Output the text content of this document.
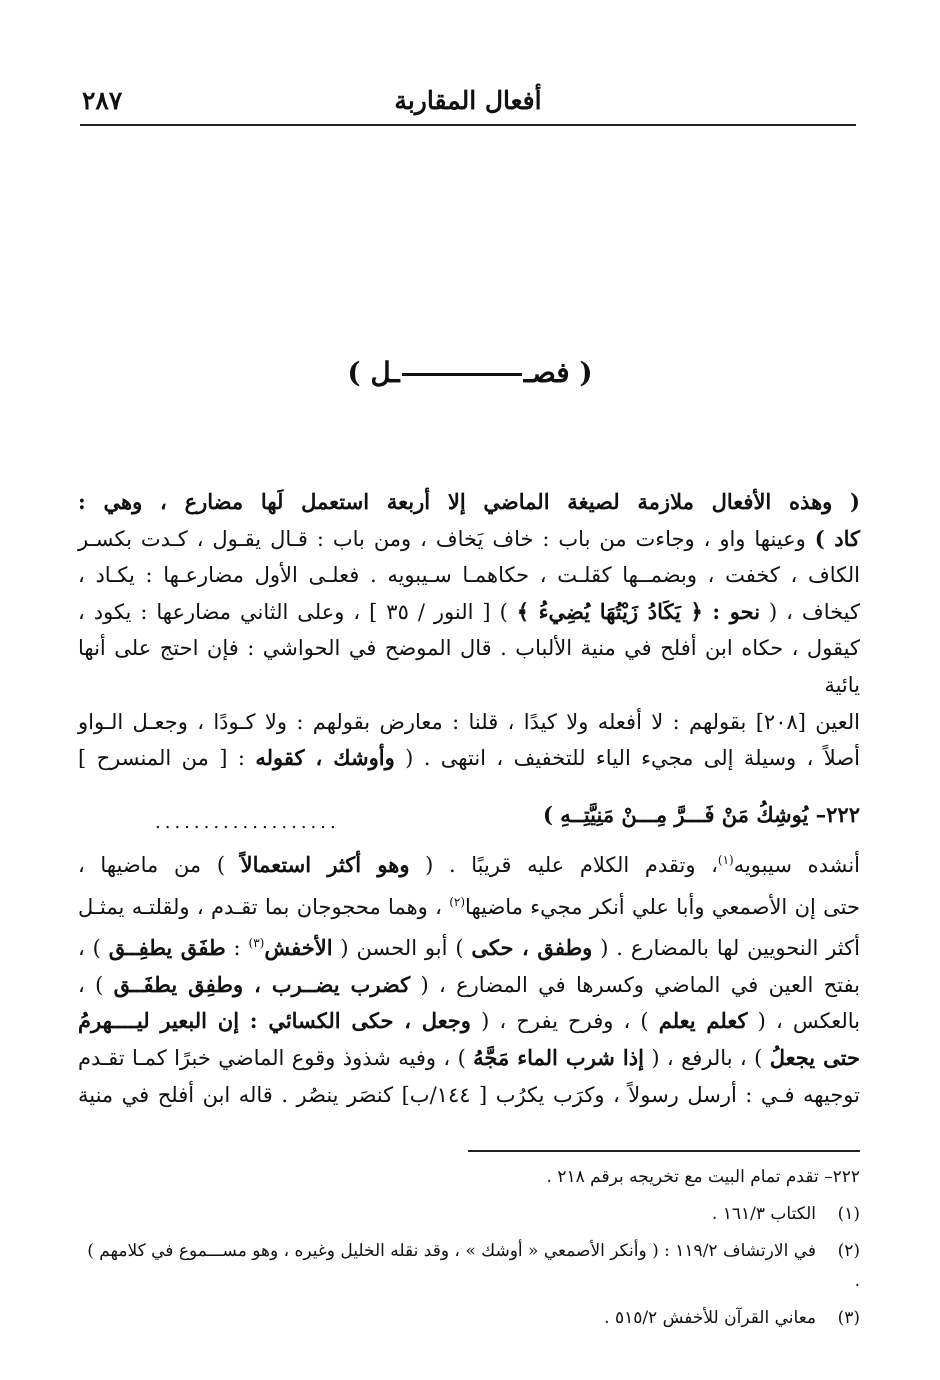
أفعال المقاربة
٢٨٧
( فصــل )

( وهذه الأفعال ملازمة لصيغة الماضي إلا أربعة استعمل لَها مضارع ، وهي :

كاد ) وعينها واو ، وجاءت من باب : خاف يَخاف ، ومن باب : قـال يقـول ، كـدت بكسـر

الكاف ، كخفت ، وبضمــها كقلـت ، حكاهمـا سـيبويه . فعلـى الأول مضارعـها : يكـاد ،

كيخاف ، ( نحو : ﴿ يَكَادُ زَيْتُهَا يُضِيءُ ﴾ ) [ النور / ٣٥ ] ، وعلى الثاني مضارعها : يكود ،

كيقول ، حكاه ابن أفلح في منية الألباب . قال الموضح في الحواشي : فإن احتج على أنها يائية

العين [٢٠٨] بقولهم : لا أفعله ولا كيدًا ، قلنا : معارض بقولهم : ولا كـودًا ، وجعـل الـواو

أصلاً ، وسيلة إلى مجيء الياء للتخفيف ، انتهى . ( وأوشك ، كقوله : [ من المنسرح ]

٢٢٢– يُوشِكُ مَنْ فَـــرَّ مِـــنْ مَنِيَّتِــهِ )
...................

أنشده سيبويه$^{(١)}$، وتقدم الكلام عليه قريبًا . ( وهو أكثر استعمالاً ) من ماضيها ،

حتى إن الأصمعي وأبا علي أنكر مجيء ماضيها$^{(٢)}$ ، وهما محجوجان بما تقـدم ، ولقلتـه يمثـل

أكثر النحويين لها بالمضارع . ( وطفق ، حكى ) أبو الحسن ( الأخفش$^{(٣)}$ : طفَق يطفِــق ) ،

بفتح العين في الماضي وكسرها في المضارع ، ( كضرب يضــرب ، وطفِق يطفَــق ) ،

بالعكس ، ( كعلم يعلم ) ، وفرح يفرح ، ( وجعل ، حكى الكسائي : إن البعير ليــــهرمُ

حتى يجعلُ ) ، بالرفع ، ( إذا شرب الماء مَجَّهُ ) ، وفيه شذوذ وقوع الماضي خبرًا كمـا تقـدم

توجيهه فـي : أرسل رسولاً ، وكرَب يكرُب [ ١٤٤/ب] كنصَر ينصُر . قاله ابن أفلح في منية

٢٢٢– تقدم تمام البيت مع تخريجه برقم ٢١٨ .

(١)الكتاب ١٦١/٣ .

(٢)في الارتشاف ١١٩/٢ : ( وأنكر الأصمعي « أوشك » ، وقد نقله الخليل وغيره ، وهو مســـموع في كلامهم ) .

(٣)معاني القرآن للأخفش ٥١٥/٢ .
